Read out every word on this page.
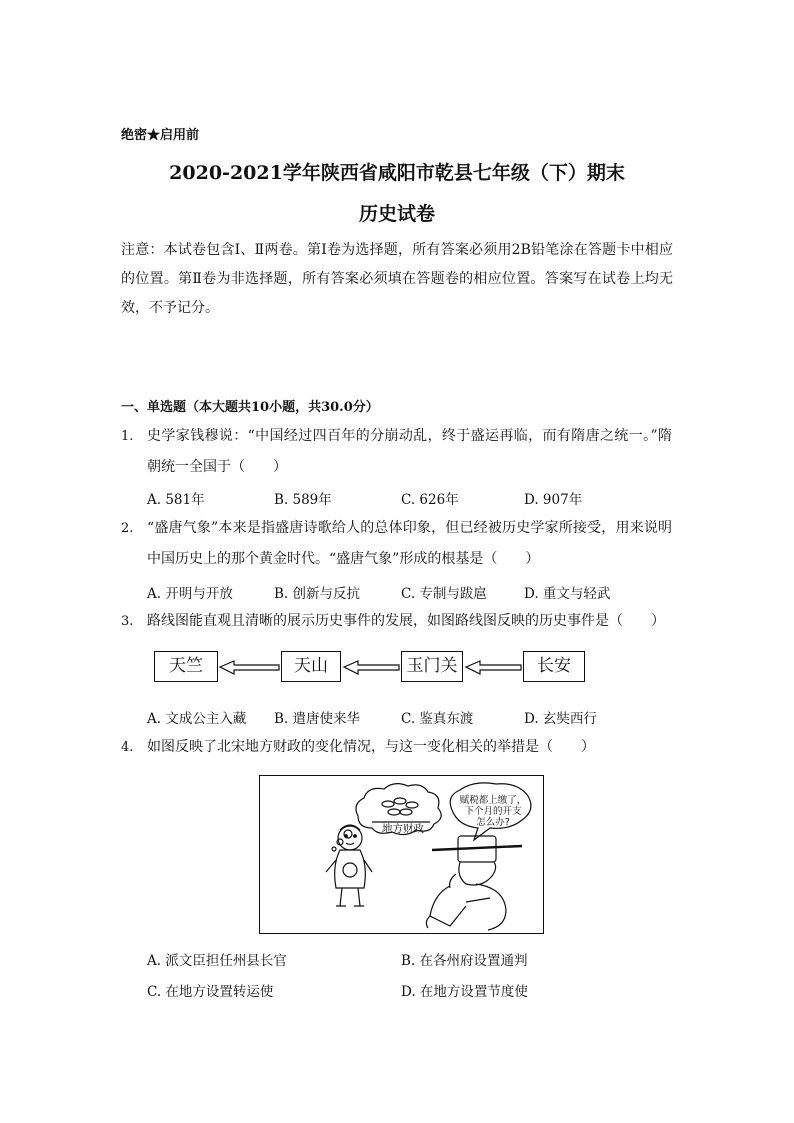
绝密★启用前
2020-2021学年陕西省咸阳市乾县七年级（下）期末
历史试卷
注意：本试卷包含Ⅰ、Ⅱ两卷。第Ⅰ卷为选择题，所有答案必须用2B铅笔涂在答题卡中相应的位置。第Ⅱ卷为非选择题，所有答案必须填在答题卷的相应位置。答案写在试卷上均无效，不予记分。
一、单选题（本大题共10小题，共30.0分）
1. 史学家钱穆说：“中国经过四百年的分崩动乱，终于盛运再临，而有隋唐之统一。”隋朝统一全国于（　　）
A. 581年	B. 589年	C. 626年	D. 907年
2. “盛唐气象”本来是指盛唐诗歌给人的总体印象，但已经被历史学家所接受，用来说明中国历史上的那个黄金时代。“盛唐气象”形成的根基是（　　）
A. 开明与开放	B. 创新与反抗	C. 专制与跋扈	D. 重文与轻武
3. 路线图能直观且清晰的展示历史事件的发展，如图路线图反映的历史事件是（　　）
天竺	天山	玉门关	长安
A. 文成公主入藏 B. 遣唐使来华	C. 鉴真东渡	D. 玄奘西行
4. 如图反映了北宋地方财政的变化情况，与这一变化相关的举措是（　　）
地方财政
赋税都上缴了，
下个月的开支
怎么办?
A. 派文臣担任州县长官	B. 在各州府设置通判
C. 在地方设置转运使	D. 在地方设置节度使
